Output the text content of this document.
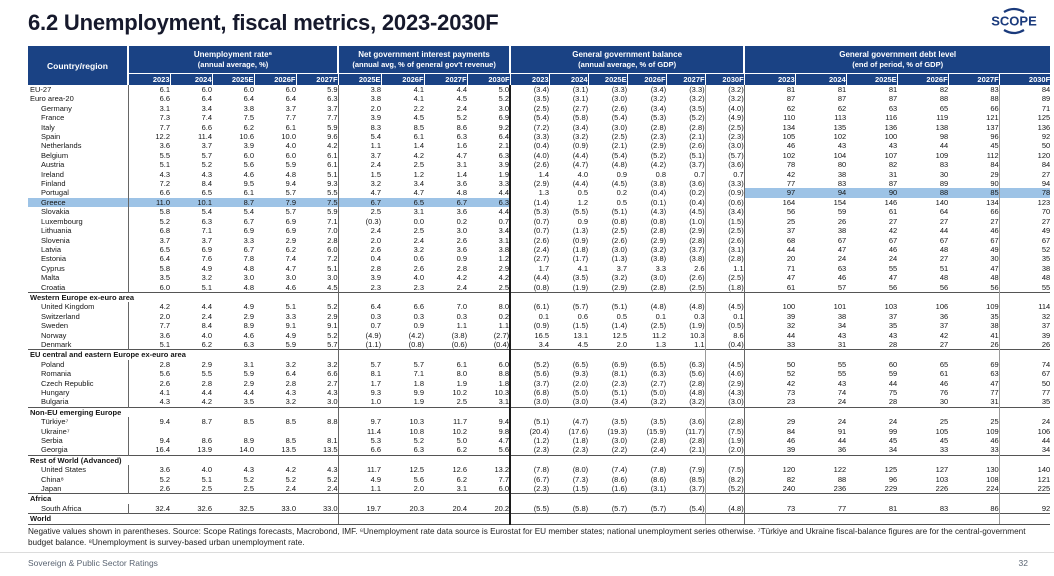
6.2 Unemployment, fiscal metrics, 2023-2030F	SCOPE
Country/region	
Unemployment rate⁶
(annual average, %)

Net government interest payments
(annual avg, % of general gov't revenue)

General government balance
(annual average, % of GDP)

General government debt level
(end of period, % of GDP)

	2023	2024	2025E	2026F	2027F	2025E	2026F	2027F	2030F	2023	2024	2025E	2026F	2027F	2030F	2023	2024	2025E	2026F	2027F	2030F
EU-27	6.1	6.0	6.0	6.0	5.9	3.8	4.1	4.4	5.0	(3.4)	(3.1)	(3.3)	(3.4)	(3.3)	(3.2)	81	81	81	82	83	84
Euro area-20	6.6	6.4	6.4	6.4	6.3	3.8	4.1	4.5	5.2	(3.5)	(3.1)	(3.0)	(3.2)	(3.2)	(3.2)	87	87	87	88	88	89
Germany	3.1	3.4	3.8	3.7	3.7	2.0	2.2	2.4	3.0	(2.5)	(2.7)	(2.6)	(3.4)	(3.5)	(4.0)	62	62	63	65	66	71
France	7.3	7.4	7.5	7.7	7.7	3.9	4.5	5.2	6.9	(5.4)	(5.8)	(5.4)	(5.3)	(5.2)	(4.9)	110	113	116	119	121	125
Italy	7.7	6.6	6.2	6.1	5.9	8.3	8.5	8.6	9.2	(7.2)	(3.4)	(3.0)	(2.8)	(2.8)	(2.5)	134	135	136	138	137	136
Spain	12.2	11.4	10.6	10.0	9.6	5.4	6.1	6.3	6.4	(3.3)	(3.2)	(2.5)	(2.3)	(2.1)	(2.3)	105	102	100	98	96	92
Netherlands	3.6	3.7	3.9	4.0	4.2	1.1	1.4	1.6	2.1	(0.4)	(0.9)	(2.1)	(2.9)	(2.6)	(3.0)	46	43	43	44	45	50
Belgium	5.5	5.7	6.0	6.0	6.1	3.7	4.2	4.7	6.3	(4.0)	(4.4)	(5.4)	(5.2)	(5.1)	(5.7)	102	104	107	109	112	120
Austria	5.1	5.2	5.6	5.9	6.1	2.4	2.5	3.1	3.9	(2.6)	(4.7)	(4.8)	(4.2)	(3.7)	(3.6)	78	80	82	83	84	84
Ireland	4.3	4.3	4.6	4.8	5.1	1.5	1.2	1.4	1.9	1.4	4.0	0.9	0.8	0.7	0.7	42	38	31	30	29	27
Finland	7.2	8.4	9.5	9.4	9.3	3.2	3.4	3.6	3.3	(2.9)	(4.4)	(4.5)	(3.8)	(3.6)	(3.3)	77	83	87	89	90	94
Portugal	6.6	6.5	6.1	5.7	5.5	4.7	4.7	4.8	4.4	1.3	0.5	0.2	(0.4)	(0.2)	(0.9)	97	94	90	88	85	78
Greece	11.0	10.1	8.7	7.9	7.5	6.7	6.5	6.7	6.3	(1.4)	1.2	0.5	(0.1)	(0.4)	(0.6)	164	154	146	140	134	123
Slovakia	5.8	5.4	5.4	5.7	5.9	2.5	3.1	3.6	4.4	(5.3)	(5.5)	(5.1)	(4.3)	(4.5)	(3.4)	56	59	61	64	66	70
Luxembourg	5.2	6.3	6.7	6.9	7.1	(0.3)	0.0	0.2	0.7	(0.7)	0.9	(0.8)	(0.8)	(1.0)	(1.5)	25	26	27	27	27	27
Lithuania	6.8	7.1	6.9	6.9	7.0	2.4	2.5	3.0	3.4	(0.7)	(1.3)	(2.5)	(2.8)	(2.9)	(2.5)	37	38	42	44	46	49
Slovenia	3.7	3.7	3.3	2.9	2.8	2.0	2.4	2.6	3.1	(2.6)	(0.9)	(2.6)	(2.9)	(2.8)	(2.6)	68	67	67	67	67	67
Latvia	6.5	6.9	6.7	6.2	6.0	2.6	3.2	3.6	3.8	(2.4)	(1.8)	(3.0)	(3.2)	(3.7)	(3.1)	44	47	46	48	49	52
Estonia	6.4	7.6	7.8	7.4	7.2	0.4	0.6	0.9	1.2	(2.7)	(1.7)	(1.3)	(3.8)	(3.8)	(2.8)	20	24	24	27	30	35
Cyprus	5.8	4.9	4.8	4.7	5.1	2.8	2.6	2.8	2.9	1.7	4.1	3.7	3.3	2.6	1.1	71	63	55	51	47	38
Malta	3.5	3.2	3.0	3.0	3.0	3.9	4.0	4.2	4.2	(4.4)	(3.5)	(3.2)	(3.0)	(2.6)	(2.5)	47	46	47	48	48	48
Croatia	6.0	5.1	4.8	4.6	4.5	2.3	2.3	2.4	2.5	(0.8)	(1.9)	(2.9)	(2.8)	(2.5)	(1.8)	61	57	56	56	56	55
Western Europe ex-euro area																					
United Kingdom	4.2	4.4	4.9	5.1	5.2	6.4	6.6	7.0	8.0	(6.1)	(5.7)	(5.1)	(4.8)	(4.8)	(4.5)	100	101	103	106	109	114
Switzerland	2.0	2.4	2.9	3.3	2.9	0.3	0.3	0.3	0.2	0.1	0.6	0.5	0.1	0.3	0.1	39	38	37	36	35	32
Sweden	7.7	8.4	8.9	9.1	9.1	0.7	0.9	1.1	1.1	(0.9)	(1.5)	(1.4)	(2.5)	(1.9)	(0.5)	32	34	35	37	38	37
Norway	3.6	4.0	4.6	4.9	5.2	(4.9)	(4.2)	(3.8)	(2.7)	16.5	13.1	12.5	11.2	10.3	8.6	44	43	43	42	41	39
Denmark	5.1	6.2	6.3	5.9	5.7	(1.1)	(0.8)	(0.6)	(0.4)	3.4	4.5	2.0	1.3	1.1	(0.4)	33	31	28	27	26	26
EU central and eastern Europe ex-euro area																					
Poland	2.8	2.9	3.1	3.2	3.2	5.7	5.7	6.1	6.0	(5.2)	(6.5)	(6.9)	(6.5)	(6.3)	(4.5)	50	55	60	65	69	74
Romania	5.6	5.5	5.9	6.4	6.6	8.1	7.1	8.0	8.8	(5.6)	(9.3)	(8.1)	(6.3)	(5.6)	(4.6)	52	55	59	61	63	67
Czech Republic	2.6	2.8	2.9	2.8	2.7	1.7	1.8	1.9	1.8	(3.7)	(2.0)	(2.3)	(2.7)	(2.8)	(2.9)	42	43	44	46	47	50
Hungary	4.1	4.4	4.4	4.3	4.3	9.3	9.9	10.2	10.3	(6.8)	(5.0)	(5.1)	(5.0)	(4.8)	(4.3)	73	74	75	76	77	77
Bulgaria	4.3	4.2	3.5	3.2	3.0	1.0	1.9	2.5	3.1	(3.0)	(3.0)	(3.4)	(3.2)	(3.2)	(3.0)	23	24	28	30	31	35
Non-EU emerging Europe																					
Türkiye⁷	9.4	8.7	8.5	8.5	8.8	9.7	10.3	11.7	9.4	(5.1)	(4.7)	(3.5)	(3.5)	(3.6)	(2.8)	29	24	24	25	25	24
Ukraine⁷						11.4	10.8	10.2	9.8	(20.4)	(17.6)	(19.3)	(15.9)	(11.7)	(7.5)	84	91	99	105	109	106
Serbia	9.4	8.6	8.9	8.5	8.1	5.3	5.2	5.0	4.7	(1.2)	(1.8)	(3.0)	(2.8)	(2.8)	(1.9)	46	44	45	45	46	44
Georgia	16.4	13.9	14.0	13.5	13.5	6.6	6.3	6.2	5.6	(2.3)	(2.3)	(2.2)	(2.4)	(2.1)	(2.0)	39	36	34	33	33	34
Rest of World (Advanced)																					
United States	3.6	4.0	4.3	4.2	4.3	11.7	12.5	12.6	13.2	(7.8)	(8.0)	(7.4)	(7.8)	(7.9)	(7.5)	120	122	125	127	130	140
China⁸	5.2	5.1	5.2	5.2	5.2	4.9	5.6	6.2	7.7	(6.7)	(7.3)	(8.6)	(8.6)	(8.5)	(8.2)	82	88	96	103	108	121
Japan	2.6	2.5	2.5	2.4	2.4	1.1	2.0	3.1	6.0	(2.3)	(1.5)	(1.6)	(3.1)	(3.7)	(5.2)	240	236	229	226	224	225
Africa																					
South Africa	32.4	32.6	32.5	33.0	33.0	19.7	20.3	20.4	20.2	(5.5)	(5.8)	(5.7)	(5.7)	(5.4)	(4.8)	73	77	81	83	86	92
World																					
Negative values shown in parentheses. Source: Scope Ratings forecasts, Macrobond, IMF. ⁶Unemployment rate data source is Eurostat for EU member states; national unemployment series otherwise. ⁷Türkiye and Ukraine fiscal-balance figures are for the central-government budget balance. ⁸Unemployment is survey-based urban unemployment rate.
Sovereign & Public Sector Ratings	32
